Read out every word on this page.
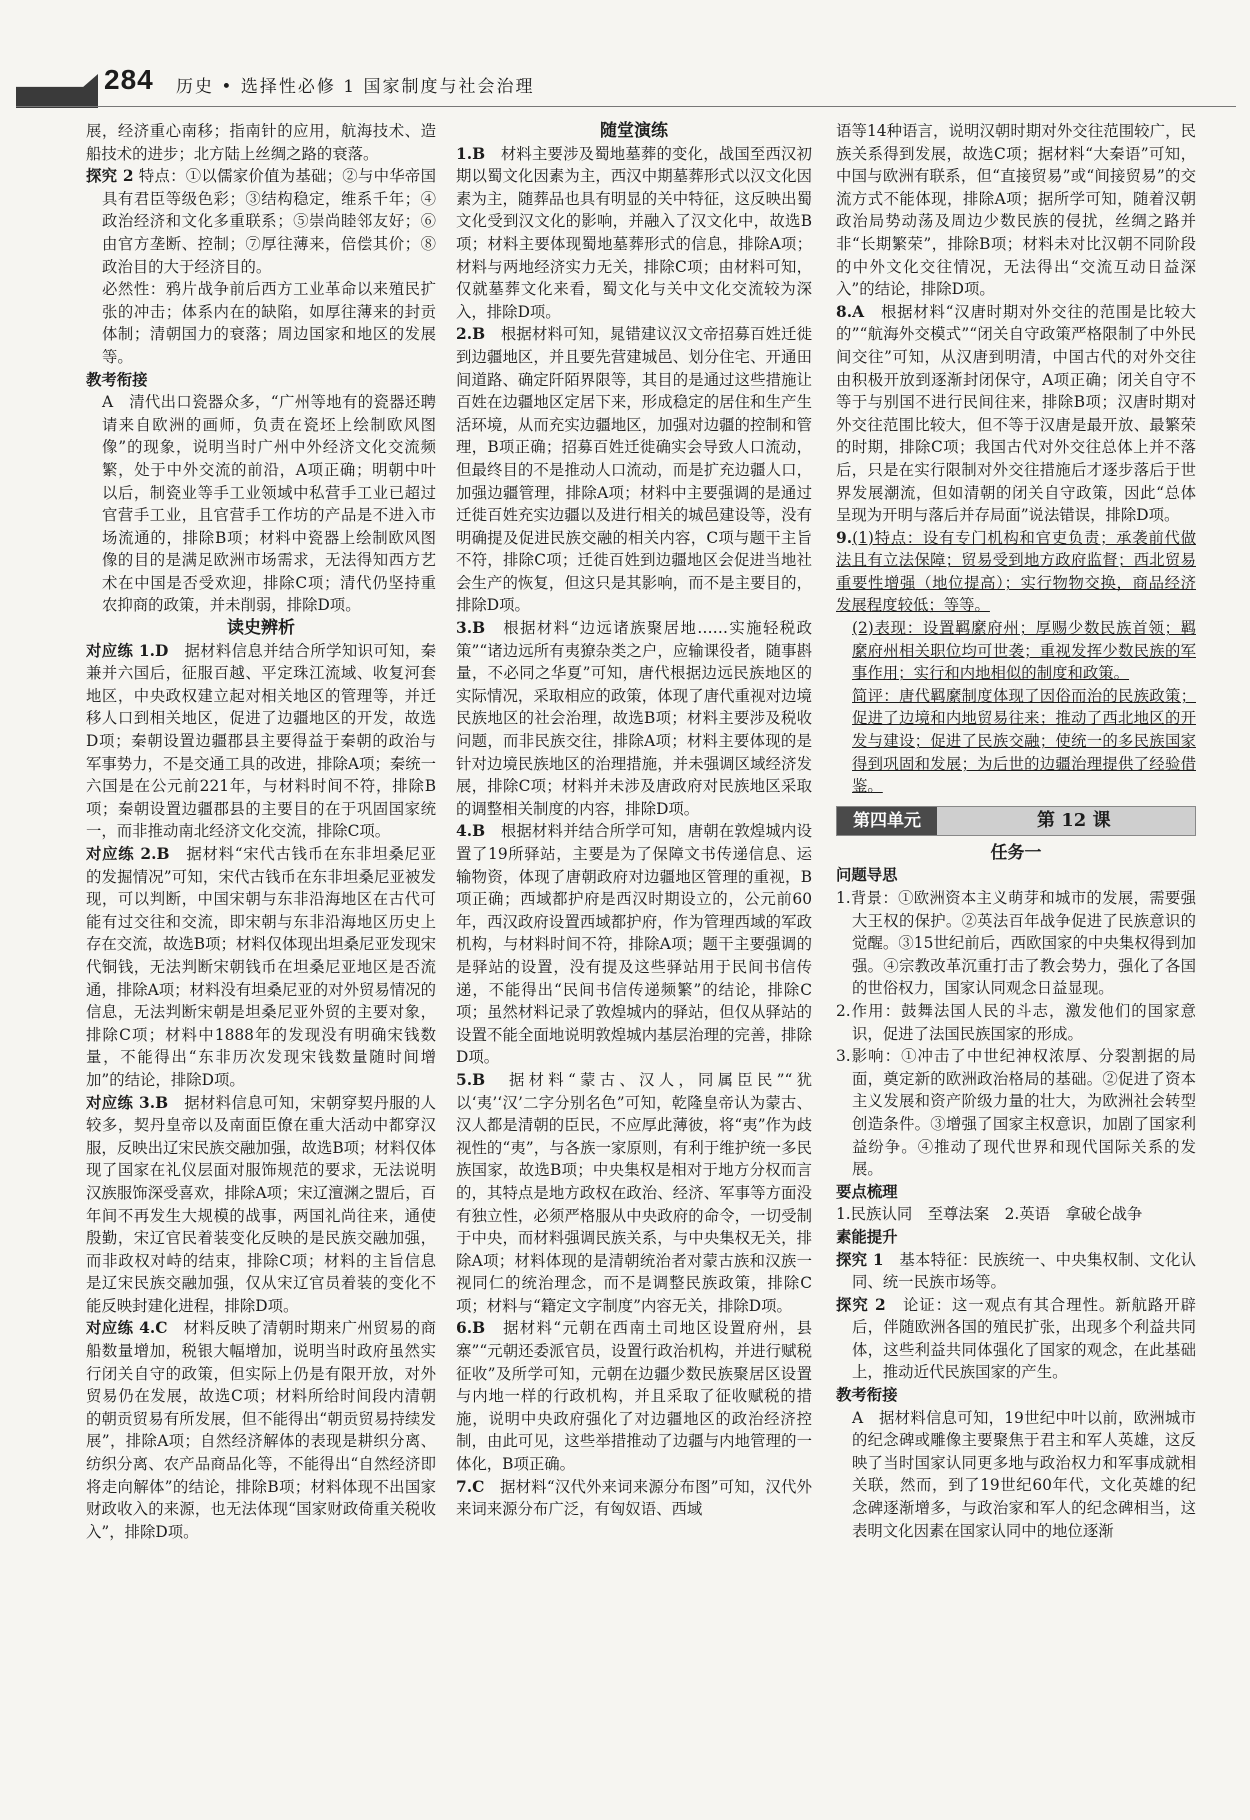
284 历史 • 选择性必修 1 国家制度与社会治理

展，经济重心南移；指南针的应用，航海技术、造船技术的进步；北方陆上丝绸之路的衰落。

探究 2 特点：①以儒家价值为基础；②与中华帝国具有君臣等级色彩；③结构稳定，维系千年；④政治经济和文化多重联系；⑤崇尚睦邻友好；⑥由官方垄断、控制；⑦厚往薄来，倍偿其价；⑧政治目的大于经济目的。

必然性：鸦片战争前后西方工业革命以来殖民扩张的冲击；体系内在的缺陷，如厚往薄来的封贡体制；清朝国力的衰落；周边国家和地区的发展等。

教考衔接

A　清代出口瓷器众多，“广州等地有的瓷器还聘请来自欧洲的画师，负责在瓷坯上绘制欧风图像”的现象，说明当时广州中外经济文化交流频繁，处于中外交流的前沿，A项正确；明朝中叶以后，制瓷业等手工业领域中私营手工业已超过官营手工业，且官营手工作坊的产品是不进入市场流通的，排除B项；材料中瓷器上绘制欧风图像的目的是满足欧洲市场需求，无法得知西方艺术在中国是否受欢迎，排除C项；清代仍坚持重农抑商的政策，并未削弱，排除D项。

读史辨析

对应练 1.D　 据材料信息并结合所学知识可知，秦兼并六国后，征服百越、平定珠江流域、收复河套地区，中央政权建立起对相关地区的管理等，并迁移人口到相关地区，促进了边疆地区的开发，故选D项；秦朝设置边疆郡县主要得益于秦朝的政治与军事势力，不是交通工具的改进，排除A项；秦统一六国是在公元前221年，与材料时间不符，排除B项；秦朝设置边疆郡县的主要目的在于巩固国家统一，而非推动南北经济文化交流，排除C项。

对应练 2.B　 据材料“宋代古钱币在东非坦桑尼亚的发掘情况”可知，宋代古钱币在东非坦桑尼亚被发现，可以判断，中国宋朝与东非沿海地区在古代可能有过交往和交流，即宋朝与东非沿海地区历史上存在交流，故选B项；材料仅体现出坦桑尼亚发现宋代铜钱，无法判断宋朝钱币在坦桑尼亚地区是否流通，排除A项；材料没有坦桑尼亚的对外贸易情况的信息，无法判断宋朝是坦桑尼亚外贸的主要对象，排除C项；材料中1888年的发现没有明确宋钱数量，不能得出“东非历次发现宋钱数量随时间增加”的结论，排除D项。

对应练 3.B　 据材料信息可知，宋朝穿契丹服的人较多，契丹皇帝以及南面臣僚在重大活动中都穿汉服，反映出辽宋民族交融加强，故选B项；材料仅体现了国家在礼仪层面对服饰规范的要求，无法说明汉族服饰深受喜欢，排除A项；宋辽澶渊之盟后，百年间不再发生大规模的战事，两国礼尚往来，通使殷勤，宋辽官民着装变化反映的是民族交融加强，而非政权对峙的结束，排除C项；材料的主旨信息是辽宋民族交融加强，仅从宋辽官员着装的变化不能反映封建化进程，排除D项。

对应练 4.C　 材料反映了清朝时期来广州贸易的商船数量增加，税银大幅增加，说明当时政府虽然实行闭关自守的政策，但实际上仍是有限开放，对外贸易仍在发展，故选C项；材料所给时间段内清朝的朝贡贸易有所发展，但不能得出“朝贡贸易持续发展”，排除A项；自然经济解体的表现是耕织分离、纺织分离、农产品商品化等，不能得出“自然经济即将走向解体”的结论，排除B项；材料体现不出国家财政收入的来源，也无法体现“国家财政倚重关税收入”，排除D项。

随堂演练

1.B　 材料主要涉及蜀地墓葬的变化，战国至西汉初期以蜀文化因素为主，西汉中期墓葬形式以汉文化因素为主，随葬品也具有明显的关中特征，这反映出蜀文化受到汉文化的影响，并融入了汉文化中，故选B项；材料主要体现蜀地墓葬形式的信息，排除A项；材料与两地经济实力无关，排除C项；由材料可知，仅就墓葬文化来看，蜀文化与关中文化交流较为深入，排除D项。

2.B　 根据材料可知，晁错建议汉文帝招募百姓迁徙到边疆地区，并且要先营建城邑、划分住宅、开通田间道路、确定阡陌界限等，其目的是通过这些措施让百姓在边疆地区定居下来，形成稳定的居住和生产生活环境，从而充实边疆地区，加强对边疆的控制和管理，B项正确；招募百姓迁徙确实会导致人口流动，但最终目的不是推动人口流动，而是扩充边疆人口，加强边疆管理，排除A项；材料中主要强调的是通过迁徙百姓充实边疆以及进行相关的城邑建设等，没有明确提及促进民族交融的相关内容，C项与题干主旨不符，排除C项；迁徙百姓到边疆地区会促进当地社会生产的恢复，但这只是其影响，而不是主要目的，排除D项。

3.B　 根据材料“边远诸族聚居地……实施轻税政策”“诸边远所有夷獠杂类之户，应输课役者，随事斟量，不必同之华夏”可知，唐代根据边远民族地区的实际情况，采取相应的政策，体现了唐代重视对边境民族地区的社会治理，故选B项；材料主要涉及税收问题，而非民族交往，排除A项；材料主要体现的是针对边境民族地区的治理措施，并未强调区域经济发展，排除C项；材料并未涉及唐政府对民族地区采取的调整相关制度的内容，排除D项。

4.B　 根据材料并结合所学可知，唐朝在敦煌城内设置了19所驿站，主要是为了保障文书传递信息、运输物资，体现了唐朝政府对边疆地区管理的重视，B项正确；西域都护府是西汉时期设立的，公元前60年，西汉政府设置西域都护府，作为管理西域的军政机构，与材料时间不符，排除A项；题干主要强调的是驿站的设置，没有提及这些驿站用于民间书信传递，不能得出“民间书信传递频繁”的结论，排除C项；虽然材料记录了敦煌城内的驿站，但仅从驿站的设置不能全面地说明敦煌城内基层治理的完善，排除D项。

5.B　 据材料“蒙古、汉人，同属臣民”“犹以‘夷’‘汉’二字分别名色”可知，乾隆皇帝认为蒙古、汉人都是清朝的臣民，不应厚此薄彼，将“夷”作为歧视性的“夷”，与各族一家原则，有利于维护统一多民族国家，故选B项；中央集权是相对于地方分权而言的，其特点是地方政权在政治、经济、军事等方面没有独立性，必须严格服从中央政府的命令，一切受制于中央，而材料强调民族关系，与中央集权无关，排除A项；材料体现的是清朝统治者对蒙古族和汉族一视同仁的统治理念，而不是调整民族政策，排除C项；材料与“籍定文字制度”内容无关，排除D项。

6.B　 据材料“元朝在西南土司地区设置府州，县寨”“元朝还委派官员，设置行政治机构，并进行赋税征收”及所学可知，元朝在边疆少数民族聚居区设置与内地一样的行政机构，并且采取了征收赋税的措施，说明中央政府强化了对边疆地区的政治经济控制，由此可见，这些举措推动了边疆与内地管理的一体化，B项正确。

7.C　 据材料“汉代外来词来源分布图”可知，汉代外来词来源分布广泛，有匈奴语、西域

语等14种语言，说明汉朝时期对外交往范围较广，民族关系得到发展，故选C项；据材料“大秦语”可知，中国与欧洲有联系，但“直接贸易”或“间接贸易”的交流方式不能体现，排除A项；据所学可知，随着汉朝政治局势动荡及周边少数民族的侵扰，丝绸之路并非“长期繁荣”，排除B项；材料未对比汉朝不同阶段的中外文化交往情况，无法得出“交流互动日益深入”的结论，排除D项。

8.A　 根据材料“汉唐时期对外交往的范围是比较大的”“航海外交模式”“闭关自守政策严格限制了中外民间交往”可知，从汉唐到明清，中国古代的对外交往由积极开放到逐渐封闭保守，A项正确；闭关自守不等于与别国不进行民间往来，排除B项；汉唐时期对外交往范围比较大，但不等于汉唐是最开放、最繁荣的时期，排除C项；我国古代对外交往总体上并不落后，只是在实行限制对外交往措施后才逐步落后于世界发展潮流，但如清朝的闭关自守政策，因此“总体呈现为开明与落后并存局面”说法错误，排除D项。

9.(1)特点：设有专门机构和官吏负责；承袭前代做法且有立法保障；贸易受到地方政府监督；西北贸易重要性增强（地位提高）；实行物物交换，商品经济发展程度较低；等等。

(2)表现：设置羁縻府州；厚赐少数民族首领；羁縻府州相关职位均可世袭；重视发挥少数民族的军事作用；实行和内地相似的制度和政策。

简评：唐代羁縻制度体现了因俗而治的民族政策；促进了边境和内地贸易往来；推动了西北地区的开发与建设；促进了民族交融；使统一的多民族国家得到巩固和发展；为后世的边疆治理提供了经验借鉴。

第四单元	第 12 课

任务一

问题导思

1.背景：①欧洲资本主义萌芽和城市的发展，需要强大王权的保护。②英法百年战争促进了民族意识的觉醒。③15世纪前后，西欧国家的中央集权得到加强。④宗教改革沉重打击了教会势力，强化了各国的世俗权力，国家认同观念日益显现。

2.作用：鼓舞法国人民的斗志，激发他们的国家意识，促进了法国民族国家的形成。

3.影响：①冲击了中世纪神权浓厚、分裂割据的局面，奠定新的欧洲政治格局的基础。②促进了资本主义发展和资产阶级力量的壮大，为欧洲社会转型创造条件。③增强了国家主权意识，加剧了国家利益纷争。④推动了现代世界和现代国际关系的发展。

要点梳理

1.民族认同　至尊法案　2.英语　拿破仑战争

素能提升

探究 1　 基本特征：民族统一、中央集权制、文化认同、统一民族市场等。

探究 2　 论证：这一观点有其合理性。新航路开辟后，伴随欧洲各国的殖民扩张，出现多个利益共同体，这些利益共同体强化了国家的观念，在此基础上，推动近代民族国家的产生。

教考衔接

A　据材料信息可知，19世纪中叶以前，欧洲城市的纪念碑或雕像主要聚焦于君主和军人英雄，这反映了当时国家认同更多地与政治权力和军事成就相关联，然而，到了19世纪60年代，文化英雄的纪念碑逐渐增多，与政治家和军人的纪念碑相当，这表明文化因素在国家认同中的地位逐渐
